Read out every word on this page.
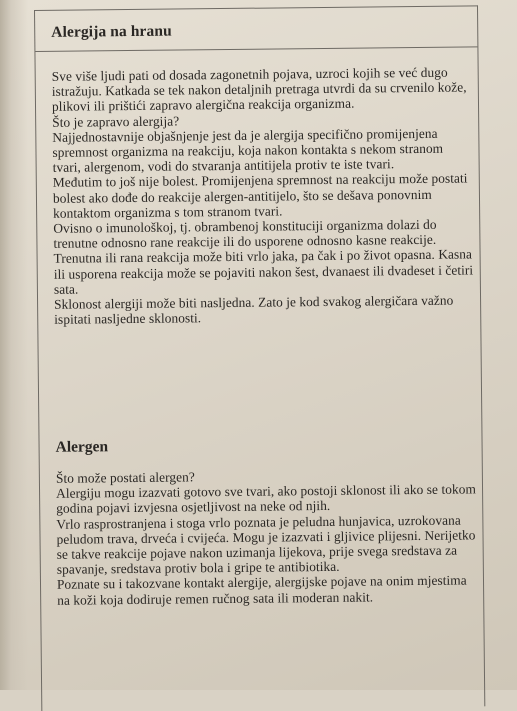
Alergija na hranu

Sve više ljudi pati od dosada zagonetnih pojava, uzroci kojih se već dugo istražuju. Katkada se tek nakon detaljnih pretraga utvrdi da su crvenilo kože, plikovi ili prištići zapravo alergična reakcija organizma.

Što je zapravo alergija?

Najjednostavnije objašnjenje jest da je alergija specifično promijenjena spremnost organizma na reakciju, koja nakon kontakta s nekom stranom tvari, alergenom, vodi do stvaranja antitijela protiv te iste tvari.

Međutim to još nije bolest. Promijenjena spremnost na reakciju može postati bolest ako dođe do reakcije alergen-antitijelo, što se dešava ponovnim kontaktom organizma s tom stranom tvari.

Ovisno o imunološkoj, tj. obrambenoj konstituciji organizma dolazi do trenutne odnosno rane reakcije ili do usporene odnosno kasne reakcije.

Trenutna ili rana reakcija može biti vrlo jaka, pa čak i po život opasna. Kasna ili usporena reakcija može se pojaviti nakon šest, dvanaest ili dvadeset i četiri sata.

Sklonost alergiji može biti nasljedna. Zato je kod svakog alergičara važno ispitati nasljedne sklonosti.

Alergen

Što može postati alergen?

Alergiju mogu izazvati gotovo sve tvari, ako postoji sklonost ili ako se tokom godina pojavi izvjesna osjetljivost na neke od njih.

Vrlo rasprostranjena i stoga vrlo poznata je peludna hunjavica, uzrokovana peludom trava, drveća i cvijeća. Mogu je izazvati i gljivice plijesni. Nerijetko se takve reakcije pojave nakon uzimanja lijekova, prije svega sredstava za spavanje, sredstava protiv bola i gripe te antibiotika.

Poznate su i takozvane kontakt alergije, alergijske pojave na onim mjestima na koži koja dodiruje remen ručnog sata ili moderan nakit.
